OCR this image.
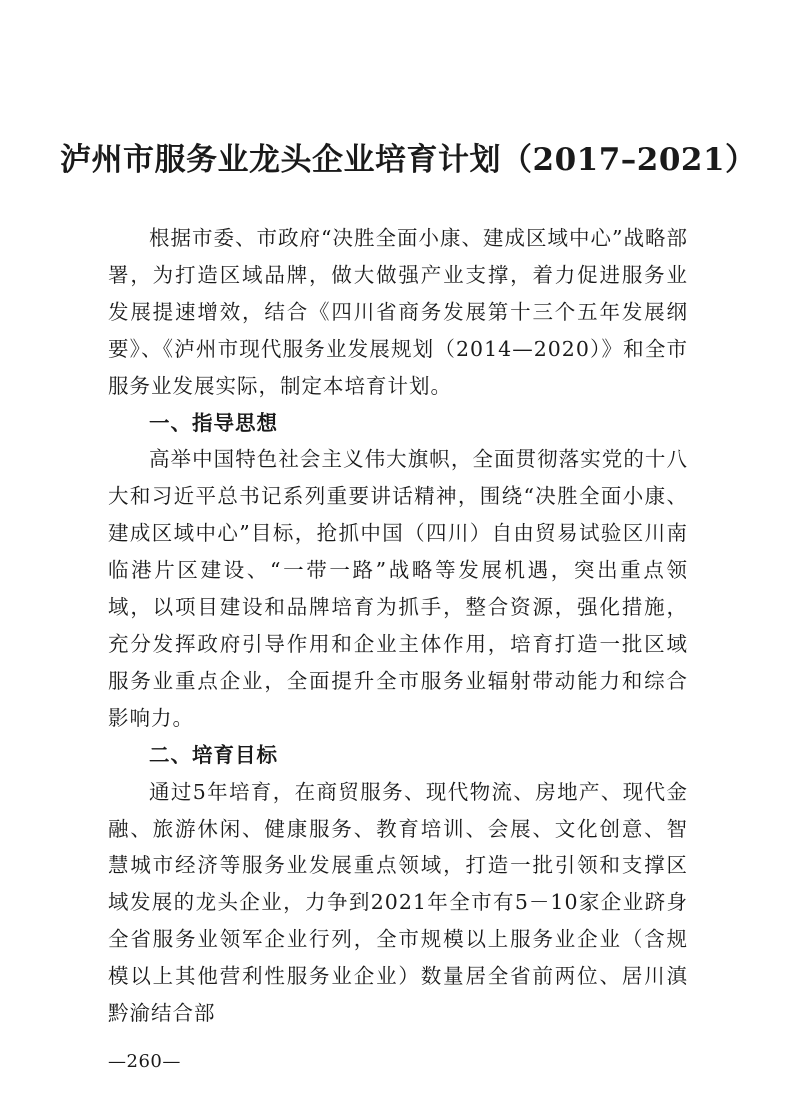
泸州市服务业龙头企业培育计划（2017–2021）

根据市委、市政府“决胜全面小康、建成区域中心”战略部署，为打造区域品牌，做大做强产业支撑，着力促进服务业发展提速增效，结合《四川省商务发展第十三个五年发展纲要》、《泸州市现代服务业发展规划（2014—2020）》和全市服务业发展实际，制定本培育计划。

一、指导思想

高举中国特色社会主义伟大旗帜，全面贯彻落实党的十八大和习近平总书记系列重要讲话精神，围绕“决胜全面小康、建成区域中心”目标，抢抓中国（四川）自由贸易试验区川南临港片区建设、“一带一路”战略等发展机遇，突出重点领域，以项目建设和品牌培育为抓手，整合资源，强化措施，充分发挥政府引导作用和企业主体作用，培育打造一批区域服务业重点企业，全面提升全市服务业辐射带动能力和综合影响力。

二、培育目标

通过5年培育，在商贸服务、现代物流、房地产、现代金融、旅游休闲、健康服务、教育培训、会展、文化创意、智慧城市经济等服务业发展重点领域，打造一批引领和支撑区域发展的龙头企业，力争到2021年全市有5－10家企业跻身全省服务业领军企业行列，全市规模以上服务业企业（含规模以上其他营利性服务业企业）数量居全省前两位、居川滇黔渝结合部

—260—
